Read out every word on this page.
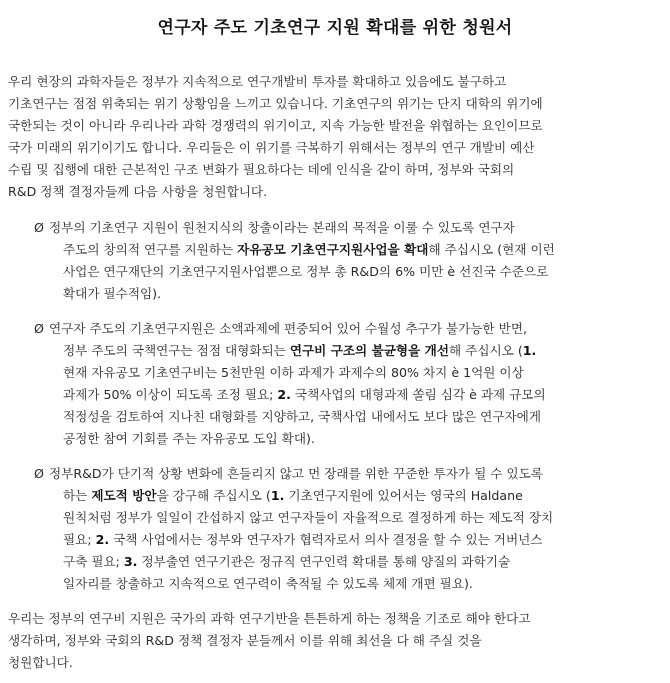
연구자 주도 기초연구 지원 확대를 위한 청원서
우리 현장의 과학자들은 정부가 지속적으로 연구개발비 투자를 확대하고 있음에도 불구하고
기초연구는 점점 위축되는 위기 상황임을 느끼고 있습니다. 기초연구의 위기는 단지 대학의 위기에
국한되는 것이 아니라 우리나라 과학 경쟁력의 위기이고, 지속 가능한 발전을 위협하는 요인이므로
국가 미래의 위기이기도 합니다. 우리들은 이 위기를 극복하기 위해서는 정부의 연구 개발비 예산
수립 및 집행에 대한 근본적인 구조 변화가 필요하다는 데에 인식을 같이 하며, 정부와 국회의
R&D 정책 결정자들께 다음 사항을 청원합니다.
Ø 정부의 기초연구 지원이 원천지식의 창출이라는 본래의 목적을 이룰 수 있도록 연구자
주도의 창의적 연구를 지원하는 자유공모 기초연구지원사업을 확대해 주십시오 (현재 이런
사업은 연구재단의 기초연구지원사업뿐으로 정부 총 R&D의 6% 미만 è 선진국 수준으로
확대가 필수적임).
Ø 연구자 주도의 기초연구지원은 소액과제에 편중되어 있어 수월성 추구가 불가능한 반면,
정부 주도의 국책연구는 점점 대형화되는 연구비 구조의 불균형을 개선해 주십시오 (1.
현재 자유공모 기초연구비는 5천만원 이하 과제가 과제수의 80% 차지 è 1억원 이상
과제가 50% 이상이 되도록 조정 필요; 2. 국책사업의 대형과제 쏠림 심각 è 과제 규모의
적정성을 검토하여 지나친 대형화를 지양하고, 국책사업 내에서도 보다 많은 연구자에게
공정한 참여 기회를 주는 자유공모 도입 확대).
Ø 정부R&D가 단기적 상황 변화에 흔들리지 않고 먼 장래를 위한 꾸준한 투자가 될 수 있도록
하는 제도적 방안을 강구해 주십시오 (1. 기초연구지원에 있어서는 영국의 Haldane
원칙처럼 정부가 일일이 간섭하지 않고 연구자들이 자율적으로 결정하게 하는 제도적 장치
필요; 2. 국책 사업에서는 정부와 연구자가 협력자로서 의사 결정을 할 수 있는 거버넌스
구축 필요; 3. 정부출연 연구기관은 정규직 연구인력 확대를 통해 양질의 과학기술
일자리를 창출하고 지속적으로 연구력이 축적될 수 있도록 체제 개편 필요).
우리는 정부의 연구비 지원은 국가의 과학 연구기반을 튼튼하게 하는 정책을 기조로 해야 한다고
생각하며, 정부와 국회의 R&D 정책 결정자 분들께서 이를 위해 최선을 다 해 주실 것을
청원합니다.
